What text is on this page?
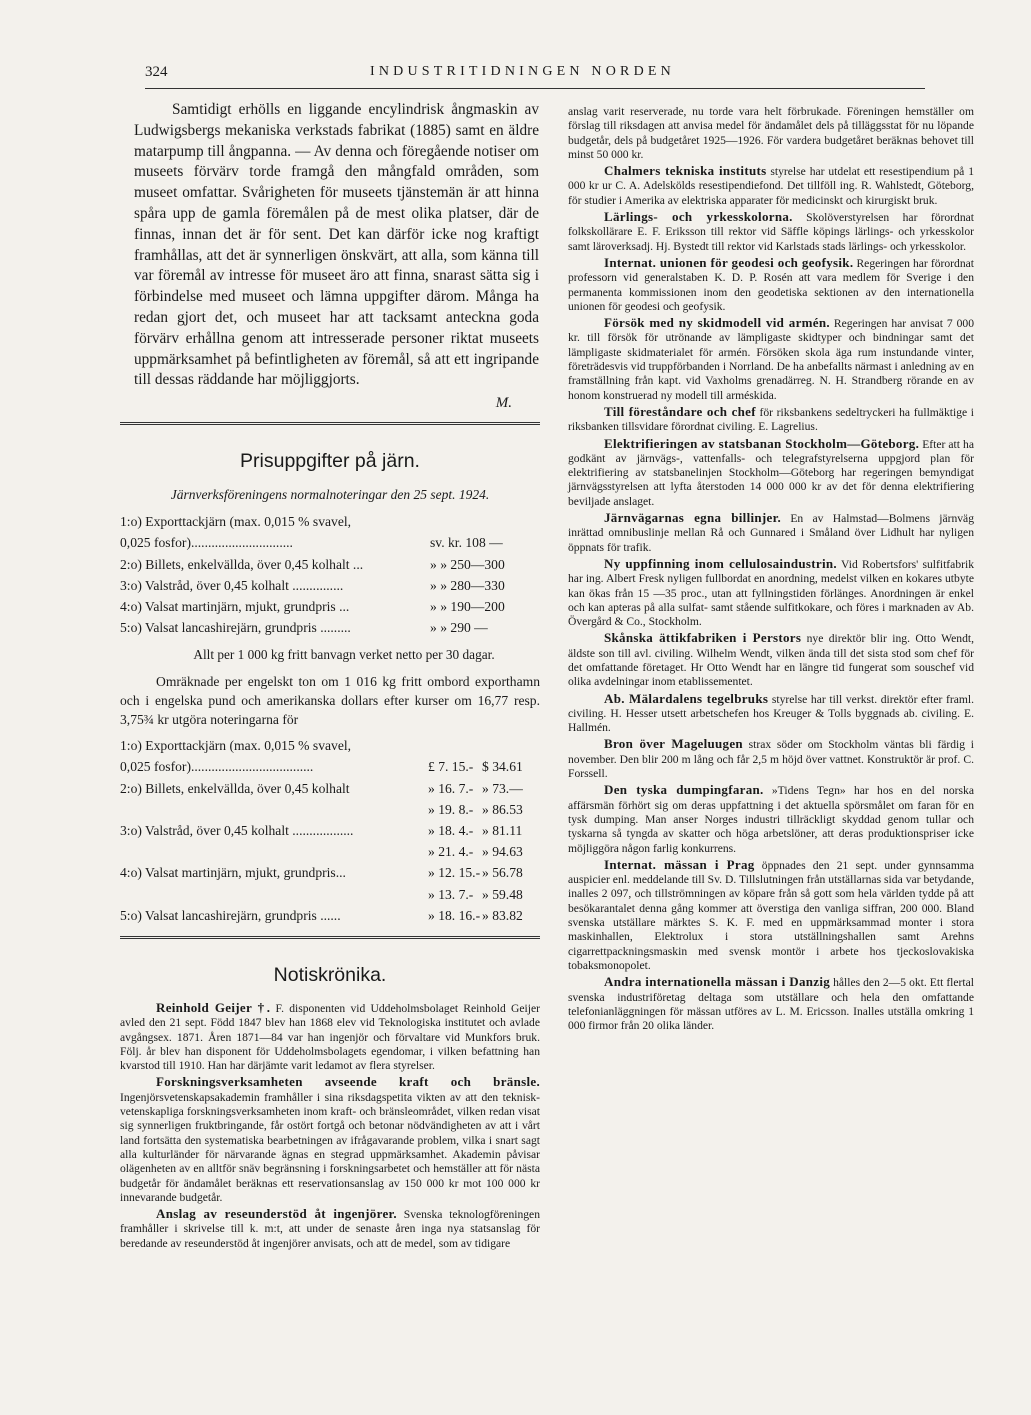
324	INDUSTRITIDNINGEN NORDEN

Samtidigt erhölls en liggande encylindrisk ångmaskin av Ludwigsbergs mekaniska verkstads fabrikat (1885) samt en äldre matarpump till ångpanna. — Av denna och föregående notiser om museets förvärv torde framgå den mångfald områden, som museet omfattar. Svårigheten för museets tjänstemän är att hinna spåra upp de gamla föremålen på de mest olika platser, där de finnas, innan det är för sent. Det kan därför icke nog kraftigt framhållas, att det är synnerligen önskvärt, att alla, som känna till var föremål av intresse för museet äro att finna, snarast sätta sig i förbindelse med museet och lämna uppgifter därom. Många ha redan gjort det, och museet har att tacksamt anteckna goda förvärv erhållna genom att intresserade personer riktat museets uppmärksamhet på befintligheten av föremål, så att ett ingripande till dessas räddande har möjliggjorts.

M.

Prisuppgifter på järn.
Järnverksföreningens normalnoteringar den 25 sept. 1924.
1:o) Exporttackjärn (max. 0,015 % svavel,
0,025 fosfor)..............................	sv. kr. 108 —
2:o) Billets, enkelvällda, över 0,45 kolhalt ...	» » 250—300
3:o) Valstråd, över 0,45 kolhalt ...............	» » 280—330
4:o) Valsat martinjärn, mjukt, grundpris ...	» » 190—200
5:o) Valsat lancashirejärn, grundpris .........	» » 290 —

Allt per 1 000 kg fritt banvagn verket netto per 30 dagar.

Omräknade per engelskt ton om 1 016 kg fritt ombord exporthamn och i engelska pund och amerikanska dollars efter kurser om 16,77 resp. 3,75¾ kr utgöra noteringarna för

1:o) Exporttackjärn (max. 0,015 % svavel,
0,025 fosfor)....................................	£ 7. 15.- $ 34.61
2:o) Billets, enkelvällda, över 0,45 kolhalt	» 16. 7.- » 73.—
» 19. 8.- » 86.53
3:o) Valstråd, över 0,45 kolhalt ..................	» 18. 4.- » 81.11
» 21. 4.- » 94.63
4:o) Valsat martinjärn, mjukt, grundpris...	» 12. 15.- » 56.78
» 13. 7.- » 59.48
5:o) Valsat lancashirejärn, grundpris ......	» 18. 16.- » 83.82
Notiskrönika.

Reinhold Geijer †. F. disponenten vid Uddeholmsbolaget Reinhold Geijer avled den 21 sept. Född 1847 blev han 1868 elev vid Teknologiska institutet och avlade avgångsex. 1871. Åren 1871—84 var han ingenjör och förvaltare vid Munkfors bruk. Följ. år blev han disponent för Uddeholmsbolagets egendomar, i vilken befattning han kvarstod till 1910. Han har därjämte varit ledamot av flera styrelser.

Forskningsverksamheten avseende kraft och bränsle. Ingenjörsvetenskapsakademin framhåller i sina riksdagspetita vikten av att den teknisk-vetenskapliga forskningsverksamheten inom kraft- och bränsleområdet, vilken redan visat sig synnerligen fruktbringande, får ostört fortgå och betonar nödvändigheten av att i vårt land fortsätta den systematiska bearbetningen av ifrågavarande problem, vilka i snart sagt alla kulturländer för närvarande ägnas en stegrad uppmärksamhet. Akademin påvisar olägenheten av en alltför snäv begränsning i forskningsarbetet och hemställer att för nästa budgetår för ändamålet beräknas ett reservationsanslag av 150 000 kr mot 100 000 kr innevarande budgetår.

Anslag av reseunderstöd åt ingenjörer. Svenska teknologföreningen framhåller i skrivelse till k. m:t, att under de senaste åren inga nya statsanslag för beredande av reseunderstöd åt ingenjörer anvisats, och att de medel, som av tidigare

anslag varit reserverade, nu torde vara helt förbrukade. Föreningen hemställer om förslag till riksdagen att anvisa medel för ändamålet dels på tilläggsstat för nu löpande budgetår, dels på budgetåret 1925—1926. För vardera budgetåret beräknas behovet till minst 50 000 kr.

Chalmers tekniska instituts styrelse har utdelat ett resestipendium på 1 000 kr ur C. A. Adelskölds resestipendiefond. Det tillföll ing. R. Wahlstedt, Göteborg, för studier i Amerika av elektriska apparater för medicinskt och kirurgiskt bruk.

Lärlings- och yrkesskolorna. Skolöverstyrelsen har förordnat folkskollärare E. F. Eriksson till rektor vid Säffle köpings lärlings- och yrkesskolor samt läroverksadj. Hj. Bystedt till rektor vid Karlstads stads lärlings- och yrkesskolor.

Internat. unionen för geodesi och geofysik. Regeringen har förordnat professorn vid generalstaben K. D. P. Rosén att vara medlem för Sverige i den permanenta kommissionen inom den geodetiska sektionen av den internationella unionen för geodesi och geofysik.

Försök med ny skidmodell vid armén. Regeringen har anvisat 7 000 kr. till försök för utrönande av lämpligaste skidtyper och bindningar samt det lämpligaste skidmaterialet för armén. Försöken skola äga rum instundande vinter, företrädesvis vid truppförbanden i Norrland. De ha anbefallts närmast i anledning av en framställning från kapt. vid Vaxholms grenadärreg. N. H. Strandberg rörande en av honom konstruerad ny modell till arméskida.

Till föreståndare och chef för riksbankens sedeltryckeri ha fullmäktige i riksbanken tillsvidare förordnat civiling. E. Lagrelius.

Elektrifieringen av statsbanan Stockholm—Göteborg. Efter att ha godkänt av järnvägs-, vattenfalls- och telegrafstyrelserna uppgjord plan för elektrifiering av statsbanelinjen Stockholm—Göteborg har regeringen bemyndigat järnvägsstyrelsen att lyfta återstoden 14 000 000 kr av det för denna elektrifiering beviljade anslaget.

Järnvägarnas egna billinjer. En av Halmstad—Bolmens järnväg inrättad omnibuslinje mellan Rå och Gunnared i Småland över Lidhult har nyligen öppnats för trafik.

Ny uppfinning inom cellulosaindustrin. Vid Robertsfors' sulfitfabrik har ing. Albert Fresk nyligen fullbordat en anordning, medelst vilken en kokares utbyte kan ökas från 15 —35 proc., utan att fyllningstiden förlänges. Anordningen är enkel och kan apteras på alla sulfat- samt stående sulfitkokare, och föres i marknaden av Ab. Övergård & Co., Stockholm.

Skånska ättikfabriken i Perstors nye direktör blir ing. Otto Wendt, äldste son till avl. civiling. Wilhelm Wendt, vilken ända till det sista stod som chef för det omfattande företaget. Hr Otto Wendt har en längre tid fungerat som souschef vid olika avdelningar inom etablissementet.

Ab. Mälardalens tegelbruks styrelse har till verkst. direktör efter framl. civiling. H. Hesser utsett arbetschefen hos Kreuger & Tolls byggnads ab. civiling. E. Hallmén.

Bron över Mageluugen strax söder om Stockholm väntas bli färdig i november. Den blir 200 m lång och får 2,5 m höjd över vattnet. Konstruktör är prof. C. Forssell.

Den tyska dumpingfaran. »Tidens Tegn» har hos en del norska affärsmän förhört sig om deras uppfattning i det aktuella spörsmålet om faran för en tysk dumping. Man anser Norges industri tillräckligt skyddad genom tullar och tyskarna så tyngda av skatter och höga arbetslöner, att deras produktionspriser icke möjliggöra någon farlig konkurrens.

Internat. mässan i Prag öppnades den 21 sept. under gynnsamma auspicier enl. meddelande till Sv. D. Tillslutningen från utställarnas sida var betydande, inalles 2 097, och tillströmningen av köpare från så gott som hela världen tydde på att besökarantalet denna gång kommer att överstiga den vanliga siffran, 200 000. Bland svenska utställare märktes S. K. F. med en uppmärksammad monter i stora maskinhallen, Elektrolux i stora utställningshallen samt Arehns cigarrettpackningsmaskin med svensk montör i arbete hos tjeckoslovakiska tobaksmonopolet.

Andra internationella mässan i Danzig hålles den 2—5 okt. Ett flertal svenska industriföretag deltaga som utställare och hela den omfattande telefonianläggningen för mässan utföres av L. M. Ericsson. Inalles utställa omkring 1 000 firmor från 20 olika länder.
